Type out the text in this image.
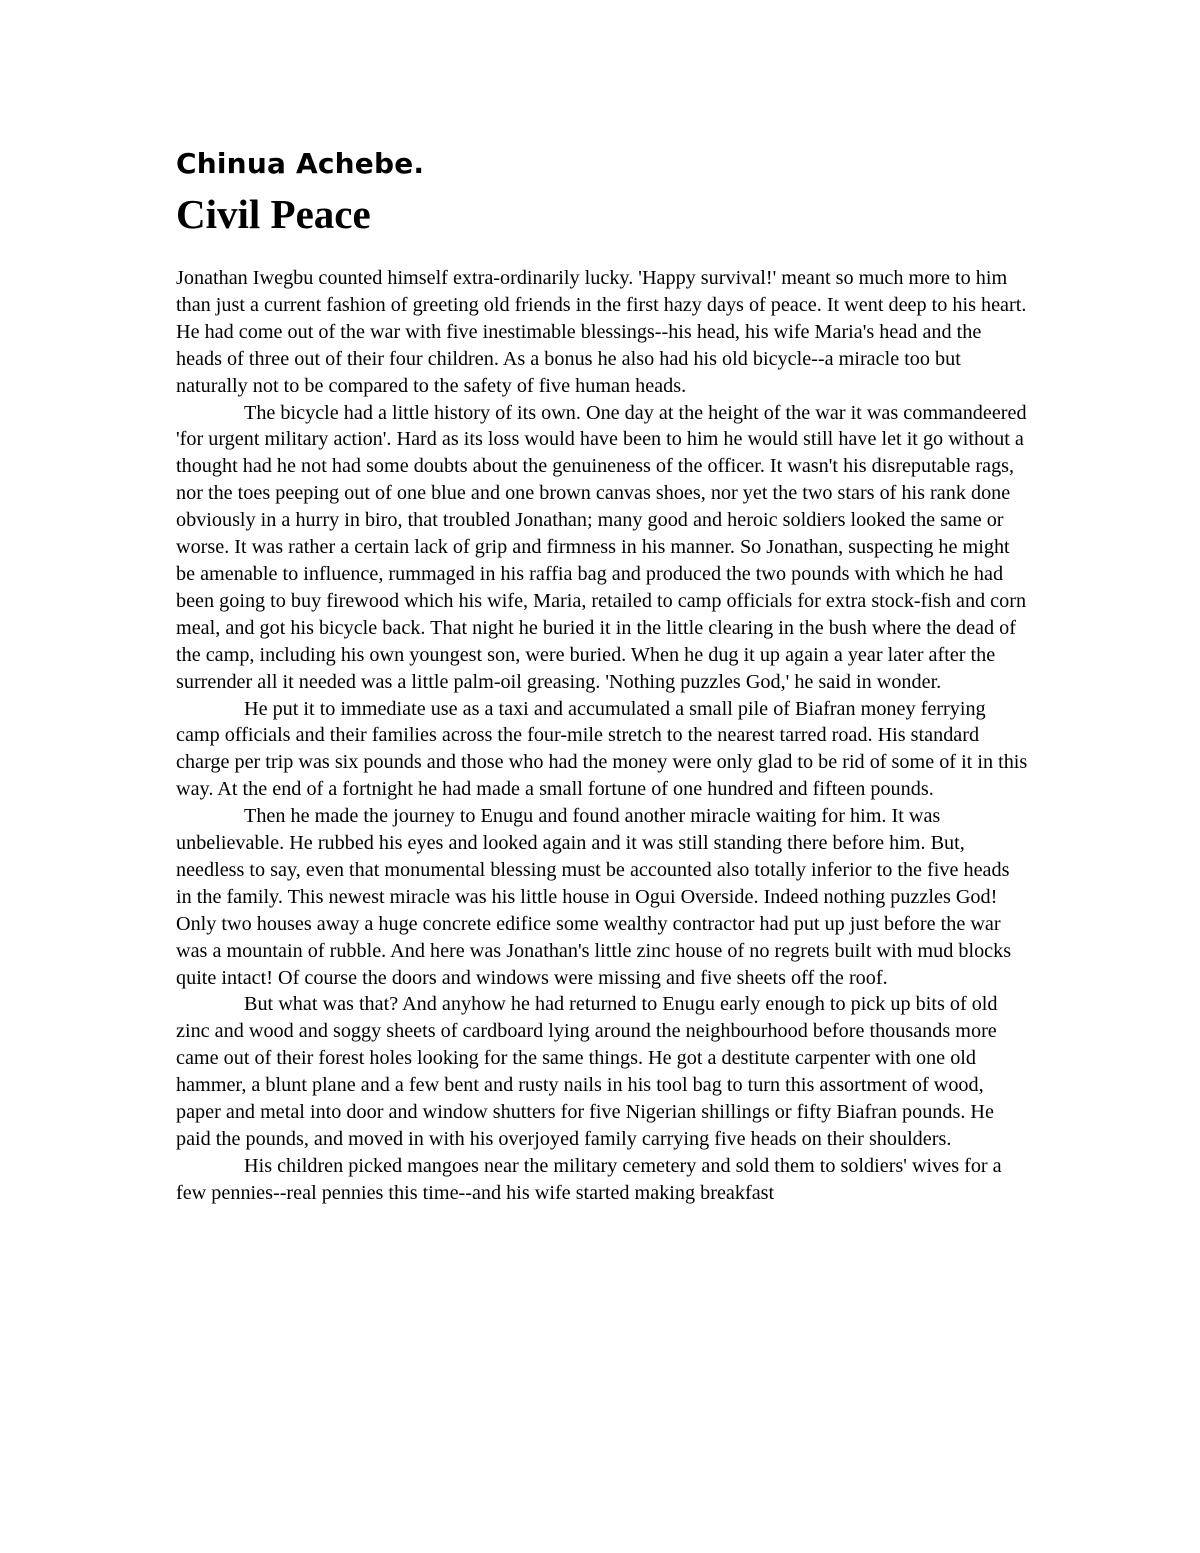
Chinua Achebe.
Civil Peace

Jonathan Iwegbu counted himself extra-ordinarily lucky. 'Happy survival!' meant so much more to him than just a current fashion of greeting old friends in the first hazy days of peace. It went deep to his heart. He had come out of the war with five inestimable blessings--his head, his wife Maria's head and the heads of three out of their four children. As a bonus he also had his old bicycle--a miracle too but naturally not to be compared to the safety of five human heads.

The bicycle had a little history of its own. One day at the height of the war it was commandeered 'for urgent military action'. Hard as its loss would have been to him he would still have let it go without a thought had he not had some doubts about the genuineness of the officer. It wasn't his disreputable rags, nor the toes peeping out of one blue and one brown canvas shoes, nor yet the two stars of his rank done obviously in a hurry in biro, that troubled Jonathan; many good and heroic soldiers looked the same or worse. It was rather a certain lack of grip and firmness in his manner. So Jonathan, suspecting he might be amenable to influence, rummaged in his raffia bag and produced the two pounds with which he had been going to buy firewood which his wife, Maria, retailed to camp officials for extra stock-fish and corn meal, and got his bicycle back. That night he buried it in the little clearing in the bush where the dead of the camp, including his own youngest son, were buried. When he dug it up again a year later after the surrender all it needed was a little palm-oil greasing. 'Nothing puzzles God,' he said in wonder.

He put it to immediate use as a taxi and accumulated a small pile of Biafran money ferrying camp officials and their families across the four-mile stretch to the nearest tarred road. His standard charge per trip was six pounds and those who had the money were only glad to be rid of some of it in this way. At the end of a fortnight he had made a small fortune of one hundred and fifteen pounds.

Then he made the journey to Enugu and found another miracle waiting for him. It was unbelievable. He rubbed his eyes and looked again and it was still standing there before him. But, needless to say, even that monumental blessing must be accounted also totally inferior to the five heads in the family. This newest miracle was his little house in Ogui Overside. Indeed nothing puzzles God! Only two houses away a huge concrete edifice some wealthy contractor had put up just before the war was a mountain of rubble. And here was Jonathan's little zinc house of no regrets built with mud blocks quite intact! Of course the doors and windows were missing and five sheets off the roof.

But what was that? And anyhow he had returned to Enugu early enough to pick up bits of old zinc and wood and soggy sheets of cardboard lying around the neighbourhood before thousands more came out of their forest holes looking for the same things. He got a destitute carpenter with one old hammer, a blunt plane and a few bent and rusty nails in his tool bag to turn this assortment of wood, paper and metal into door and window shutters for five Nigerian shillings or fifty Biafran pounds. He paid the pounds, and moved in with his overjoyed family carrying five heads on their shoulders.

His children picked mangoes near the military cemetery and sold them to soldiers' wives for a few pennies--real pennies this time--and his wife started making breakfast
